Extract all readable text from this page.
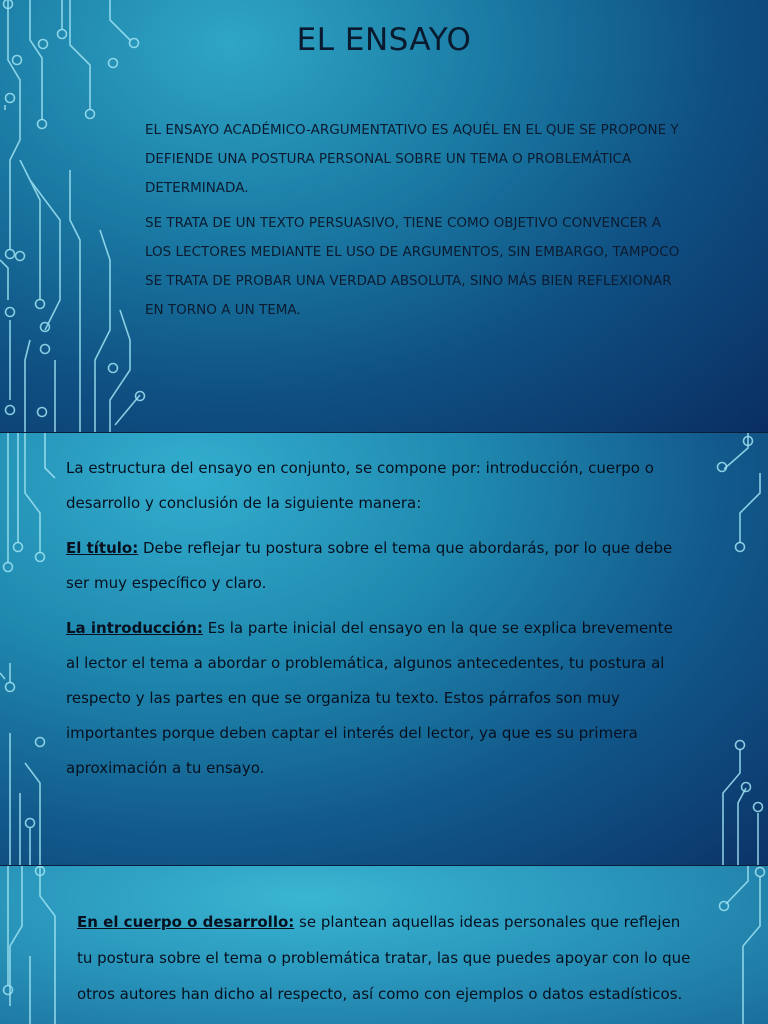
EL ENSAYO

EL ENSAYO ACADÉMICO-ARGUMENTATIVO ES AQUÉL EN EL QUE SE PROPONE Y DEFIENDE UNA POSTURA PERSONAL SOBRE UN TEMA O PROBLEMÁTICA DETERMINADA.

SE TRATA DE UN TEXTO PERSUASIVO, TIENE COMO OBJETIVO CONVENCER A LOS LECTORES MEDIANTE EL USO DE ARGUMENTOS, SIN EMBARGO, TAMPOCO SE TRATA DE PROBAR UNA VERDAD ABSOLUTA, SINO MÁS BIEN REFLEXIONAR EN TORNO A UN TEMA.

La estructura del ensayo en conjunto, se compone por: introducción, cuerpo o desarrollo y conclusión de la siguiente manera:

El título: Debe reflejar tu postura sobre el tema que abordarás, por lo que debe ser muy específico y claro.

La introducción: Es la parte inicial del ensayo en la que se explica brevemente al lector el tema a abordar o problemática, algunos antecedentes, tu postura al respecto y las partes en que se organiza tu texto. Estos párrafos son muy importantes porque deben captar el interés del lector, ya que es su primera aproximación a tu ensayo.

En el cuerpo o desarrollo: se plantean aquellas ideas personales que reflejen tu postura sobre el tema o problemática tratar, las que puedes apoyar con lo que otros autores han dicho al respecto, así como con ejemplos o datos estadísticos.
